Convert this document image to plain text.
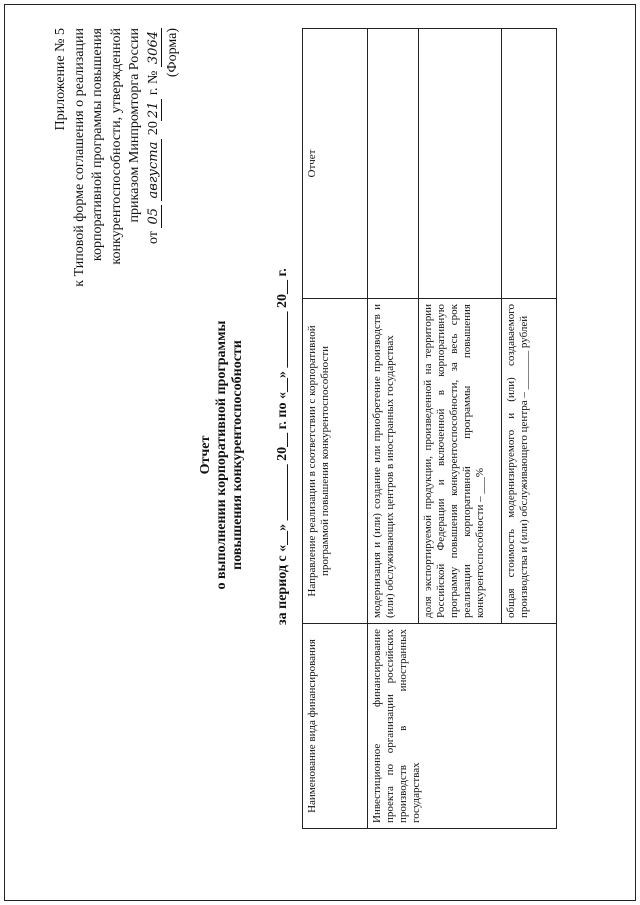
Приложение № 5 к Типовой форме соглашения о реализации корпоративной программы повышения конкурентоспособности, утвержденной приказом Минпромторга России
от 05 августа 2021 г. № 3064 (Форма)
Отчет о выполнении корпоративной программы повышения конкурентоспособности за период с «__» ________ 20__ г. по «__» ________ 20__ г.
Наименование вида финансирования	Направление реализации в соответствии с корпоративной программой повышения конкурентоспособности	Отчет
Инвестиционное финансирование проекта по организации российских производств в иностранных государствах	модернизация и (или) создание или приобретение производств и (или) обслуживающих центров в иностранных государствах	
	доля экспортируемой продукции, произведенной на территории Российской Федерации и включенной в корпоративную программу повышения конкурентоспособности, за весь срок реализации корпоративной программы повышения конкурентоспособности – ___%	
	общая стоимость модернизируемого и (или) создаваемого производства и (или) обслуживающего центра – _______ рублей	
